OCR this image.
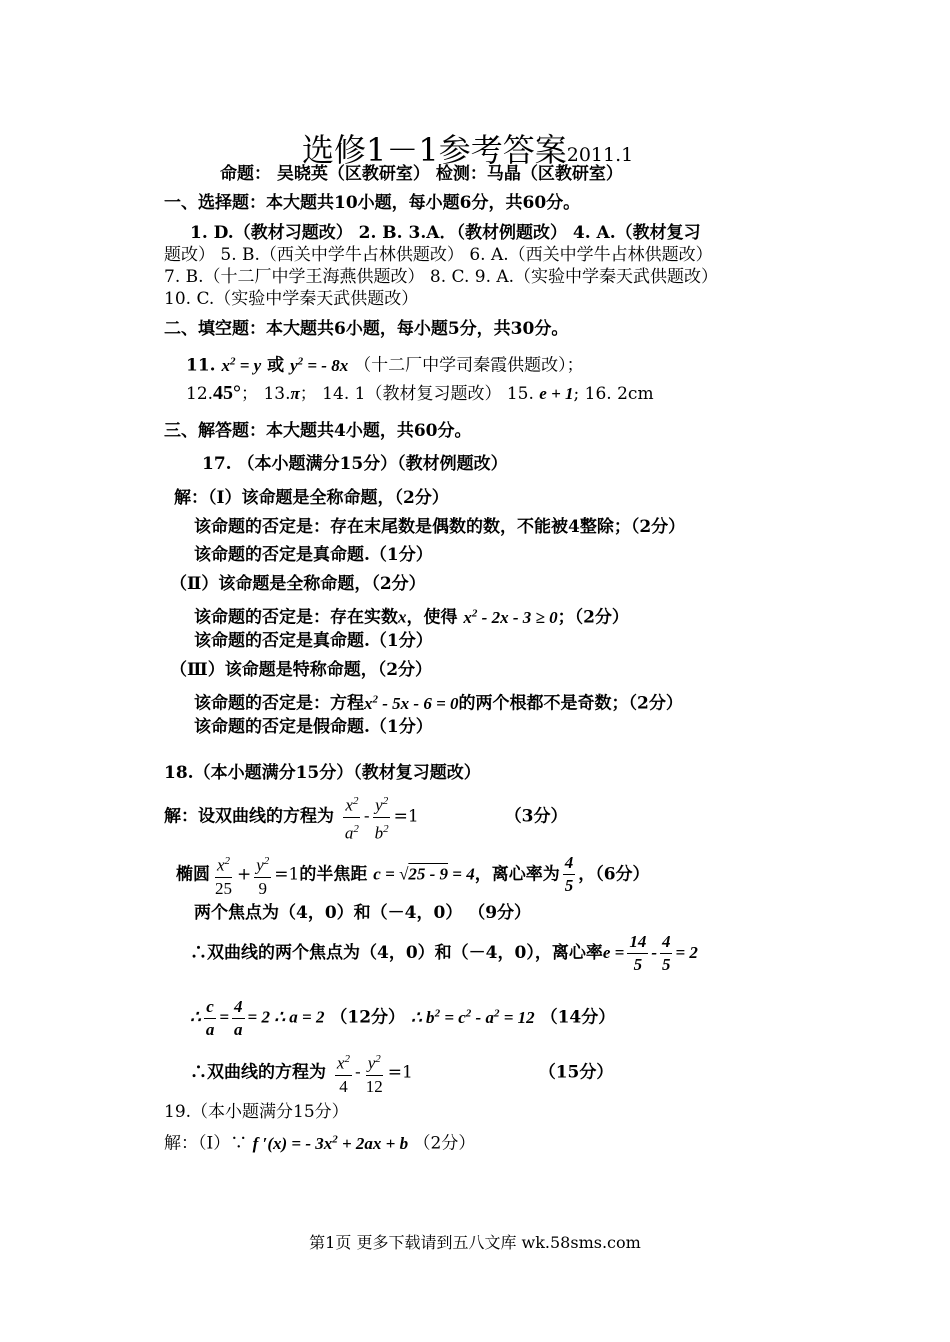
选修1－1参考答案2011.1
命题： 吴晓英（区教研室） 检测：马晶（区教研室）
一、选择题：本大题共10小题，每小题6分，共60分。
1. D.（教材习题改） 2. B. 3.A．（教材例题改） 4. A.（教材复习
题改） 5. B.（西关中学牛占林供题改） 6. A.（西关中学牛占林供题改）
7. B.（十二厂中学王海燕供题改） 8. C. 9. A.（实验中学秦天武供题改）
10. C.（实验中学秦天武供题改）
二、填空题：本大题共6小题，每小题5分，共30分。
11. $x^2 = y$ 或 $y^2$ = - 8x （十二厂中学司秦霞供题改）；
12.45°； 13.π； 14. 1（教材复习题改） 15. e + 1; 16. 2cm
三、解答题：本大题共4小题，共60分。
17. （本小题满分15分）（教材例题改）
解：（Ⅰ）该命题是全称命题，（2分）
该命题的否定是：存在末尾数是偶数的数，不能被4整除；（2分）
该命题的否定是真命题.（1分）
（Ⅱ）该命题是全称命题，（2分）
该命题的否定是：存在实数x，使得 $x^2 - 2x - 3 \ge 0$；（2分）
该命题的否定是真命题.（1分）
（Ⅲ）该命题是特称命题，（2分）
该命题的否定是：方程$x^2 - 5x - 6 = 0$的两个根都不是奇数；（2分）
该命题的否定是假命题.（1分）
18.（本小题满分15分）（教材复习题改）
解：设双曲线的方程为 $\frac{x^2}{a^2} - \frac{y^2}{b^2} =1$	（3分）
椭圆 $\frac{x^2}{25} + \frac{y^2}{9} =1$的半焦距 c = √25 - 9 = 4，离心率为 $\frac{4}{5}$ ，（6分）
两个焦点为（4，0）和（－4，0） （9分）
∴双曲线的两个焦点为（4，0）和（－4，0），离心率$e = \frac{14}{5} - \frac{4}{5} = 2$
∴ $\frac{c}{a} = \frac{4}{a} = 2$ ∴ a = 2 （12分） ∴ $b^2 = c^2 - a^2 = 12$ （14分）
∴双曲线的方程为 $\frac{x^2}{4} - \frac{y^2}{12} =1$	（15分）
19.（本小题满分15分）
解：（Ⅰ）∵ f ′(x) = - $3x^2 + 2ax + b$ （2分）
第1页 更多下载请到五八文库 wk.58sms.com
